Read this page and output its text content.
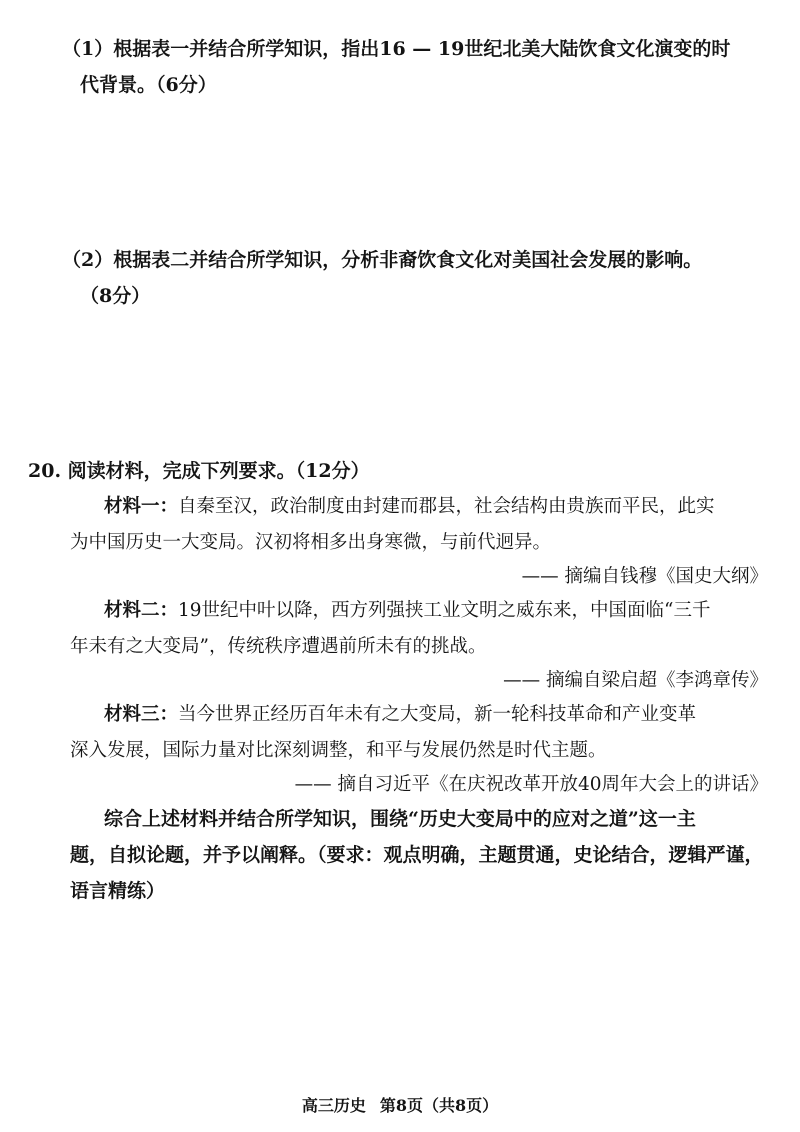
（1）根据表一并结合所学知识，指出16 — 19世纪北美大陆饮食文化演变的时
代背景。（6分）
（2）根据表二并结合所学知识，分析非裔饮食文化对美国社会发展的影响。
（8分）
20. 阅读材料，完成下列要求。（12分）
材料一：自秦至汉，政治制度由封建而郡县，社会结构由贵族而平民，此实
为中国历史一大变局。汉初将相多出身寒微，与前代迥异。
—— 摘编自钱穆《国史大纲》
材料二：19世纪中叶以降，西方列强挟工业文明之威东来，中国面临“三千
年未有之大变局”，传统秩序遭遇前所未有的挑战。
—— 摘编自梁启超《李鸿章传》
材料三：当今世界正经历百年未有之大变局，新一轮科技革命和产业变革
深入发展，国际力量对比深刻调整，和平与发展仍然是时代主题。
—— 摘自习近平《在庆祝改革开放40周年大会上的讲话》
综合上述材料并结合所学知识，围绕“历史大变局中的应对之道”这一主
题，自拟论题，并予以阐释。（要求：观点明确，主题贯通，史论结合，逻辑严谨，
语言精练）
高三历史 第8页（共8页）
